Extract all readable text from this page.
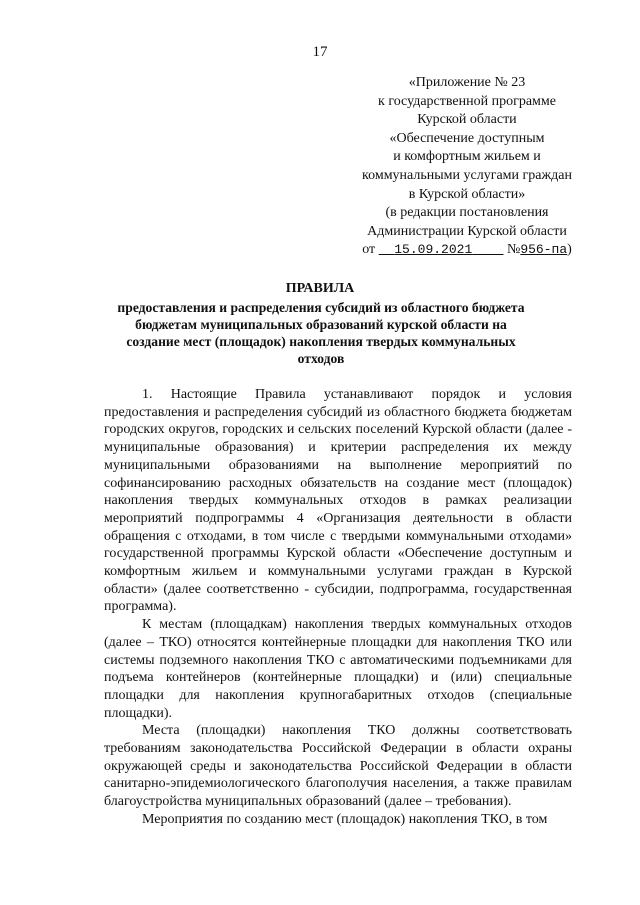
17
«Приложение № 23
к государственной программе
Курской области
«Обеспечение доступным
и комфортным жильем и
коммунальными услугами граждан
в Курской области»
(в редакции постановления
Администрации Курской области
от 15.09.2021 №956-па)
ПРАВИЛА
предоставления и распределения субсидий из областного бюджета бюджетам муниципальных образований курской области на создание мест (площадок) накопления твердых коммунальных отходов

1. Настоящие Правила устанавливают порядок и условия предоставления и распределения субсидий из областного бюджета бюджетам городских округов, городских и сельских поселений Курской области (далее - муниципальные образования) и критерии распределения их между муниципальными образованиями на выполнение мероприятий по софинансированию расходных обязательств на создание мест (площадок) накопления твердых коммунальных отходов в рамках реализации мероприятий подпрограммы 4 «Организация деятельности в области обращения с отходами, в том числе с твердыми коммунальными отходами» государственной программы Курской области «Обеспечение доступным и комфортным жильем и коммунальными услугами граждан в Курской области» (далее соответственно - субсидии, подпрограмма, государственная программа).

К местам (площадкам) накопления твердых коммунальных отходов (далее – ТКО) относятся контейнерные площадки для накопления ТКО или системы подземного накопления ТКО с автоматическими подъемниками для подъема контейнеров (контейнерные площадки) и (или) специальные площадки для накопления крупногабаритных отходов (специальные площадки).

Места (площадки) накопления ТКО должны соответствовать требованиям законодательства Российской Федерации в области охраны окружающей среды и законодательства Российской Федерации в области санитарно-эпидемиологического благополучия населения, а также правилам благоустройства муниципальных образований (далее – требования).

Мероприятия по созданию мест (площадок) накопления ТКО, в том
